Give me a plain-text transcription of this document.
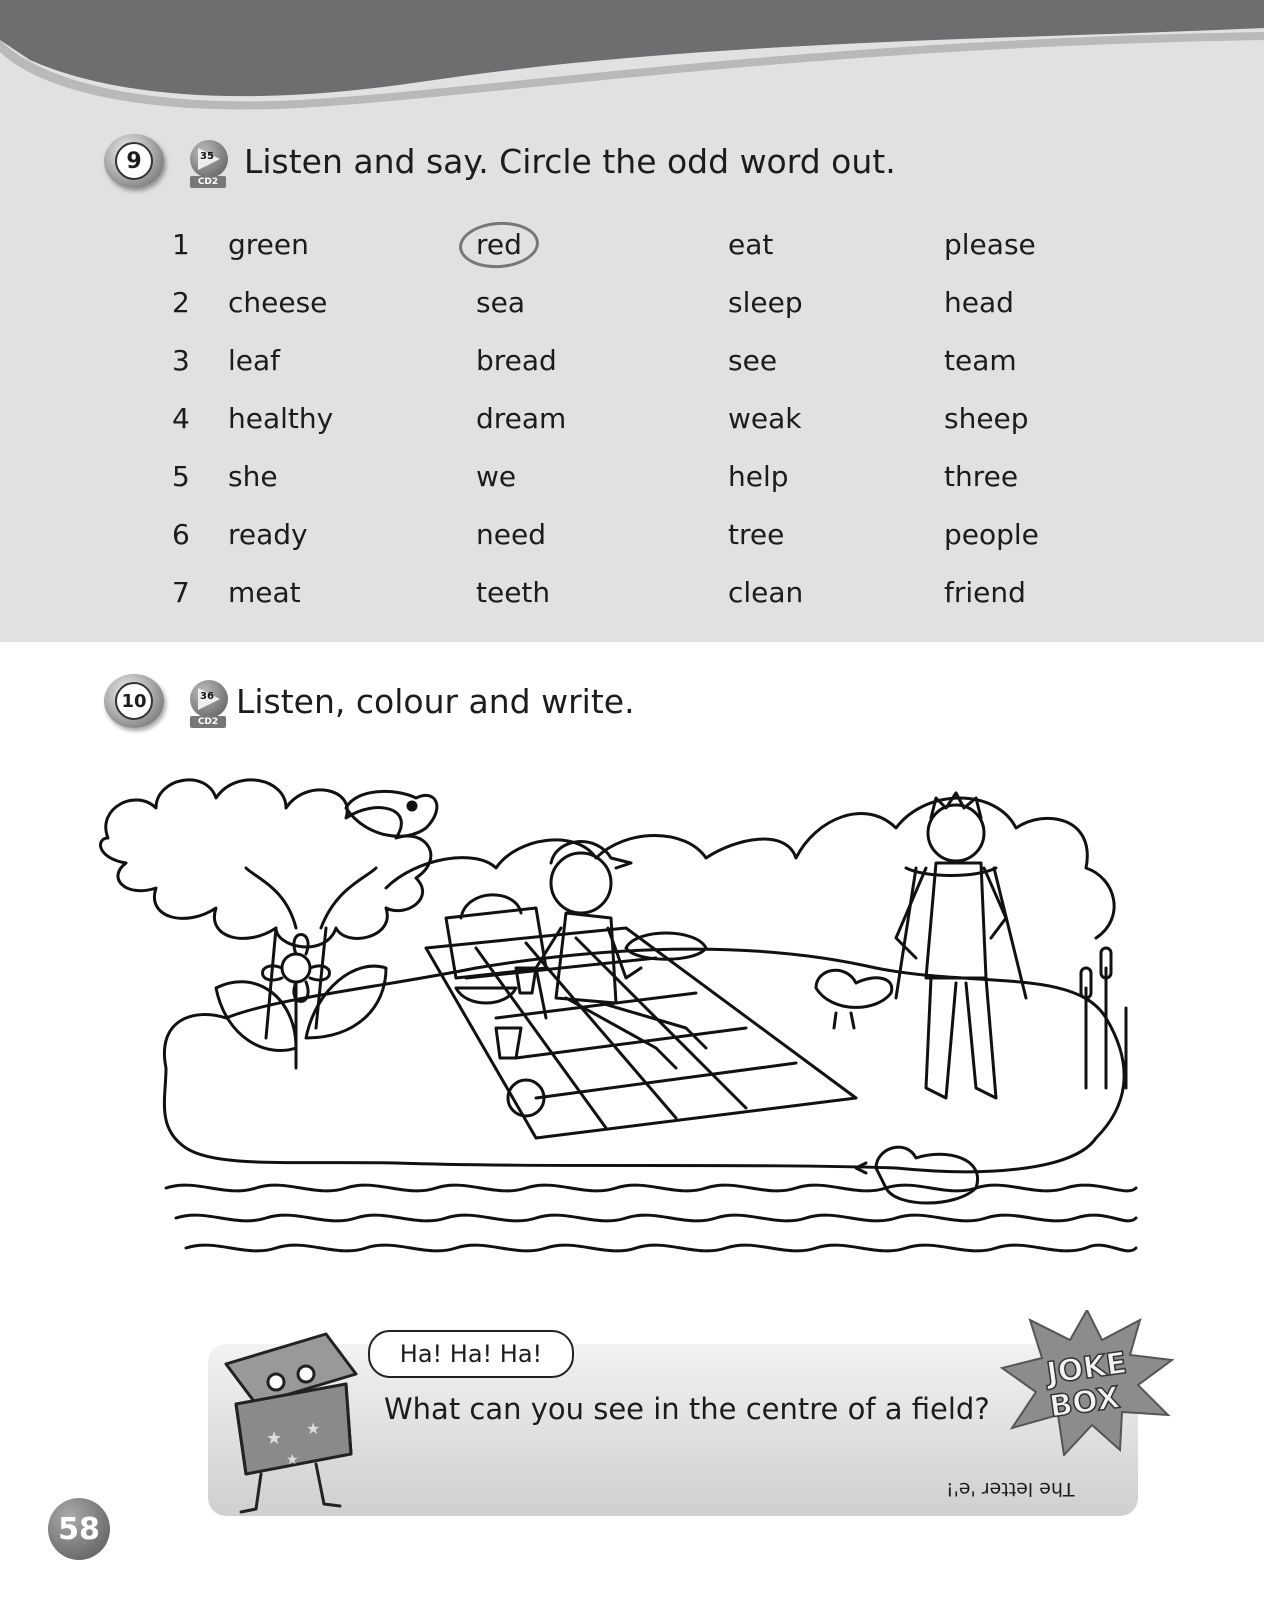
9	35
CD2
Listen and say. Circle the odd word out.
1 green	red	eat	please
2 cheese	sea	sleep	head
3 leaf	bread	see	team
4 healthy	dream	weak	sheep
5 she	we	help	three
6 ready	need	tree	people
7 meat	teeth	clean	friend
10	36
CD2
Listen, colour and write.
★ ★
★
Ha! Ha! Ha!
What can you see in the centre of a field?
The letter 'e'!
JOKE
BOX
58
